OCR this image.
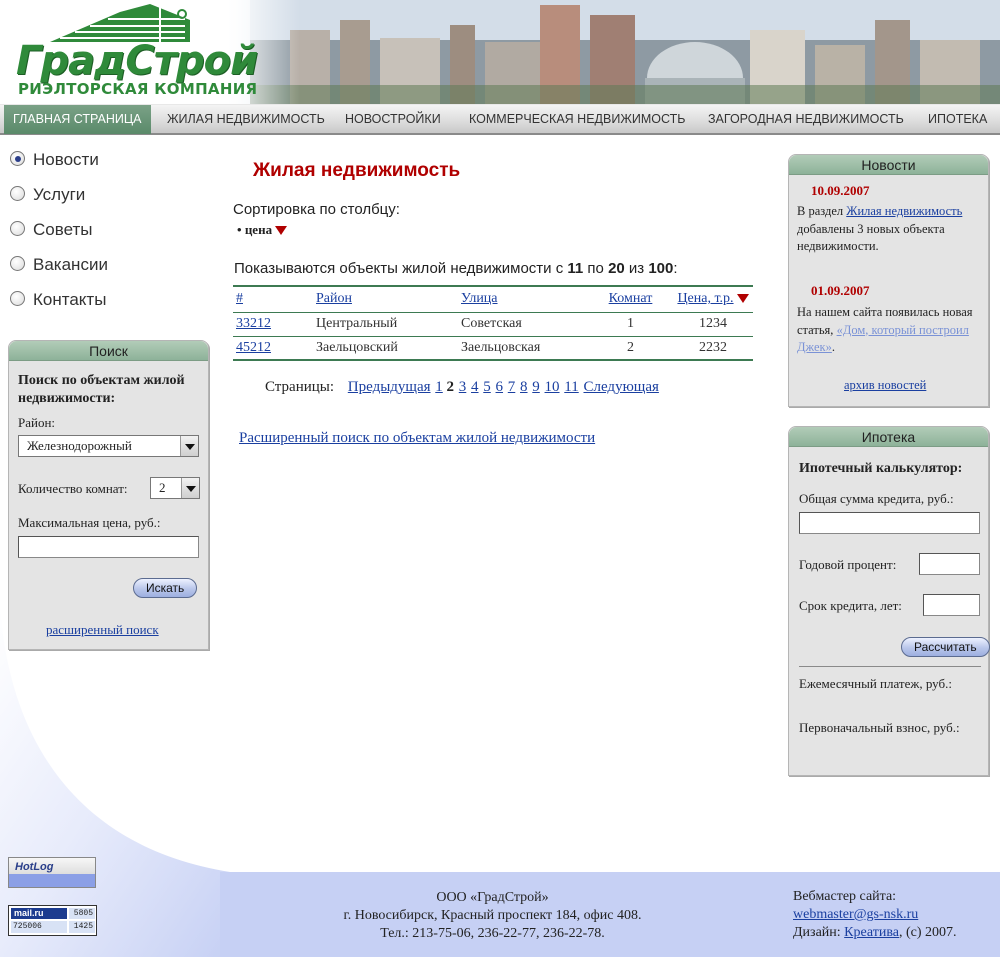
ГрадСтрой
РИЭЛТОРСКАЯ КОМПАНИЯ
ГЛАВНАЯ СТРАНИЦА	ЖИЛАЯ НЕДВИЖИМОСТЬ НОВОСТРОЙКИ КОММЕРЧЕСКАЯ НЕДВИЖИМОСТЬ ЗАГОРОДНАЯ НЕДВИЖИМОСТЬ ИПОТЕКА
Новости
Услуги
Советы
Вакансии
Контакты
Поиск
Поиск по объектам жилой недвижимости:
Район:
Железнодорожный
Количество комнат:	2
Максимальная цена, руб.:
Искать
расширенный поиск
Жилая недвижимость
Сортировка по столбцу:
• цена
Показываются объекты жилой недвижимости с 11 по 20 из 100:
#	Район	Улица	Комнат	Цена, т.р.
33212	Центральный	Советская	1	1234
45212	Заельцовский	Заельцовская	2	2232
Страницы: Предыдущая 1 2 3 4 5 6 7 8 9 10 11 Следующая
Расширенный поиск по объектам жилой недвижимости
Новости
10.09.2007
В раздел Жилая недвижимость добавлены 3 новых объекта недвижимости.
01.09.2007
На нашем сайта появилась новая статья, «Дом, который построил Джек».
архив новостей
Ипотека
Ипотечный калькулятор:
Общая сумма кредита, руб.:
Годовой процент:
Срок кредита, лет:
Рассчитать
Ежемесячный платеж, руб.:
Первоначальный взнос, руб.:
HotLog
mail.ru	5805
725006	1425
ООО «ГрадСтрой»
г. Новосибирск, Красный проспект 184, офис 408.
Тел.: 213-75-06, 236-22-77, 236-22-78.
Вебмастер сайта:
webmaster@gs-nsk.ru
Дизайн: Креатива, (с) 2007.
